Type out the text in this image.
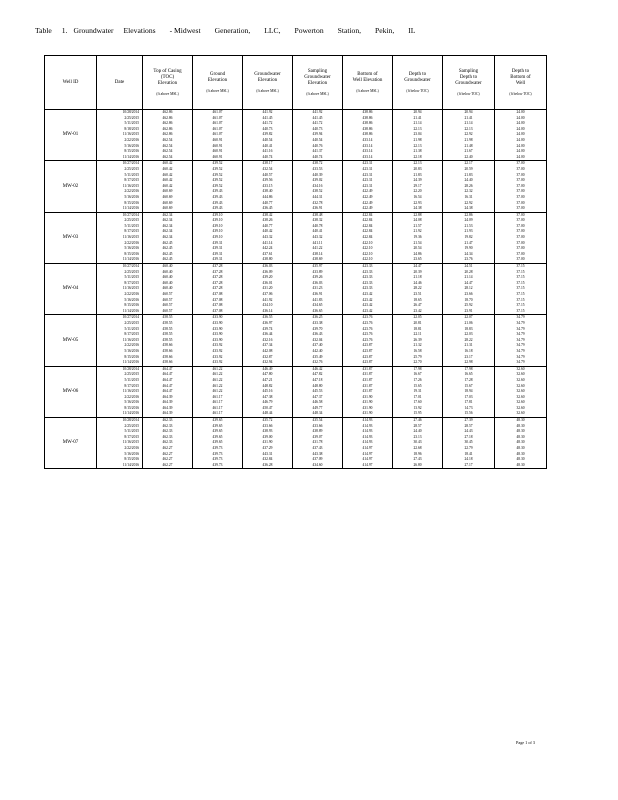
Table 1. Groundwater Elevations - Midwest Generation, LLC, Powerton Station, Pekin, IL
Well ID	Date	Top of Casing
(TOC)
Elevation
(ft above MSL)	Ground
Elevation
(ft above MSL)	Groundwater
Elevation
(ft above MSL)	Sampling
Groundwater
Elevation
(ft above MSL)	Bottom of
Well Elevation
(ft above MSL)	Depth to
Groundwater
(ft below TOC)	Sampling
Depth to
Groundwater
(ft below TOC)	Depth to
Bottom of
Well
(ft below TOC)

MW-01	10/28/2014	462.86	461.07	441.92	441.92	438.86	20.94	20.94	24.00
	2/25/2015	462.86	461.07	441.45	441.45	438.86	21.41	21.41	24.00
	5/11/2015	462.86	461.07	441.72	441.72	438.86	21.14	21.14	24.00
	8/18/2015	462.86	461.07	440.73	440.73	438.86	22.13	22.13	24.00
	11/16/2015	462.86	461.07	439.82	439.94	438.86	23.04	22.92	24.00
	2/22/2016	462.54	460.91	440.54	440.54	433.14	21.98	21.98	24.00
	5/16/2016	462.54	460.91	440.41	440.76	433.14	22.13	21.48	24.00
	8/15/2016	462.54	460.91	441.16	441.37	433.14	21.38	21.67	24.00
	11/14/2016	462.54	460.91	440.74	440.74	433.14	22.18	22.40	24.00
MW-02	10/27/2014	460.42	439.52	438.17	438.72	423.31	22.13	22.17	37.00
	2/25/2015	460.42	439.52	432.54	433.53	423.31	20.83	20.59	37.00
	5/11/2015	460.42	439.52	440.57	440.39	423.31	21.83	21.83	37.00
	8/17/2015	460.42	439.52	439.56	439.02	423.31	24.39	24.40	37.00
	11/16/2015	460.42	439.52	433.15	434.16	423.31	29.17	28.26	37.00
	2/22/2016	460.69	439.43	438.40	438.52	422.49	22.20	22.32	37.00
	5/16/2016	460.69	439.43	444.86	444.31	422.49	16.54	16.31	37.00
	8/15/2016	460.69	439.43	440.77	432.78	422.49	22.93	22.92	37.00
	11/14/2016	460.69	439.43	436.45	436.91	422.49	24.38	24.38	37.00
MW-03	10/27/2014	462.34	439.10	438.42	438.48	422.84	22.88	22.86	37.00
	2/25/2015	462.34	439.10	438.26	438.32	422.84	24.08	24.09	37.00
	5/11/2015	462.34	439.10	440.77	440.78	422.84	21.57	21.53	37.00
	8/17/2015	462.34	439.10	440.42	440.41	422.84	21.92	21.93	37.00
	11/16/2015	462.34	439.10	443.32	443.32	422.84	19.36	19.82	37.00
	2/22/2016	462.45	439.31	441.14	441.11	422.10	21.54	21.47	37.00
	5/16/2016	462.45	439.31	442.24	441.22	422.10	20.54	19.90	37.00
	8/15/2016	462.45	439.31	437.61	438.14	422.10	24.86	24.34	37.00
	11/14/2016	462.45	439.31	438.80	438.69	422.10	23.65	23.76	37.00
MW-04	10/27/2014	460.40	437.28	436.03	435.97	423.33	24.47	24.51	37.15
	2/25/2015	460.40	437.28	436.09	433.89	423.33	20.39	20.28	37.15
	5/11/2015	460.40	437.28	439.20	439.26	423.33	21.18	21.14	37.15
	8/17/2015	460.40	437.28	436.01	436.03	423.33	24.46	24.47	37.15
	11/16/2015	460.40	437.28	431.20	431.23	423.33	28.22	28.12	37.15
	2/22/2016	460.57	437.08	437.06	436.91	423.42	23.51	23.66	37.15
	5/16/2016	460.57	437.08	441.92	441.83	423.42	18.65	18.70	37.15
	8/15/2016	460.57	437.08	434.10	434.65	423.42	26.47	25.92	37.15
	11/14/2016	460.57	437.08	436.14	436.65	423.42	23.42	23.91	37.15
MW-05	10/27/2014	458.55	433.90	436.55	436.25	423.76	22.05	22.07	34.79
	2/25/2015	458.55	433.90	436.97	433.38	423.76	20.81	21.06	34.79
	5/11/2015	458.55	433.90	439.74	439.70	423.76	18.81	18.83	34.79
	8/17/2015	458.55	433.90	436.44	436.43	423.76	22.11	22.03	34.79
	11/16/2015	458.55	433.90	432.16	432.04	423.76	26.39	28.22	34.79
	2/22/2016	458.66	433.92	437.34	437.40	423.87	21.32	21.31	34.79
	5/16/2016	458.66	433.92	442.08	442.40	423.87	16.58	16.18	34.79
	8/15/2016	458.66	433.92	432.87	435.49	423.87	25.79	23.17	34.79
	11/14/2016	458.66	433.92	432.94	432.76	423.87	22.70	22.98	34.79
MW-06	10/28/2014	464.47	461.22	446.49	446.42	431.87	17.98	17.98	32.60
	2/25/2015	464.47	461.22	447.80	447.82	431.87	16.67	16.65	32.60
	5/11/2015	464.47	461.22	447.21	447.18	431.87	17.26	17.28	32.60
	8/17/2015	464.47	461.22	448.82	448.80	431.87	15.65	15.67	32.60
	11/16/2015	464.47	461.22	445.16	445.53	431.87	19.31	18.94	32.60
	2/22/2016	464.39	461.17	447.38	447.37	431.90	17.01	17.03	32.60
	5/16/2016	464.39	461.17	446.79	446.58	431.90	17.60	17.81	32.60
	8/15/2016	464.39	461.17	450.47	449.77	431.90	13.92	14.73	32.60
	11/14/2016	464.39	461.17	448.44	448.34	431.90	15.95	15.56	32.60
MW-07	10/28/2014	462.33	439.65	435.72	435.54	414.93	27.46	27.39	48.30
	2/25/2015	462.33	439.65	433.66	433.66	414.93	28.57	28.57	48.30
	5/11/2015	462.33	439.65	438.93	438.89	414.93	24.40	24.43	48.30
	8/17/2015	462.33	439.65	439.00	439.07	414.93	23.13	27.18	48.30
	11/16/2015	462.33	439.65	431.90	431.78	414.93	30.43	30.45	48.30
	2/22/2016	462.27	439.73	437.29	437.43	414.97	22.68	22.79	48.30
	5/16/2016	462.27	439.73	443.31	443.38	414.97	18.96	18.41	48.30
	8/15/2016	462.27	439.73	432.84	437.09	414.97	27.43	24.18	48.30
	11/14/2016	462.27	439.73	436.28	434.60	414.97	26.80	27.17	48.30
Page 1 of 3
